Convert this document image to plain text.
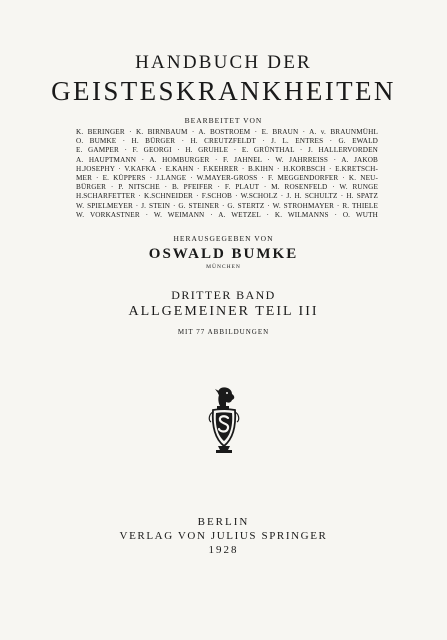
HANDBUCH DER
GEISTESKRANKHEITEN
BEARBEITET VON
K. BERINGER · K. BIRNBAUM · A. BOSTROEM · E. BRAUN · A. v. BRAUNMÜHL
O. BUMKE · H. BÜRGER · H. CREUTZFELDT · J. L. ENTRES · G. EWALD
E. GAMPER · F. GEORGI · H. GRUHLE · E. GRÜNTHAL · J. HALLERVORDEN
A. HAUPTMANN · A. HOMBURGER · F. JAHNEL · W. JAHRREISS · A. JAKOB
H.JOSEPHY · V.KAFKA · E.KAHN · F.KEHRER · B.KIHN · H.KORBSCH · E.KRETSCH-
MER · E. KÜPPERS · J.LANGE · W.MAYER-GROSS · F. MEGGENDORFER · K. NEU-
BÜRGER · P. NITSCHE · B. PFEIFER · F. PLAUT · M. ROSENFELD · W. RUNGE
H.SCHARFETTER · K.SCHNEIDER · F.SCHOB · W.SCHOLZ · J. H. SCHULTZ · H. SPATZ
W. SPIELMEYER · J. STEIN · G. STEINER · G. STERTZ · W. STROHMAYER · R. THIELE
W. VORKASTNER · W. WEIMANN · A. WETZEL · K. WILMANNS · O. WUTH
HERAUSGEGEBEN VON
OSWALD BUMKE
MÜNCHEN
DRITTER BAND
ALLGEMEINER TEIL III
MIT 77 ABBILDUNGEN
BERLIN
VERLAG VON JULIUS SPRINGER
1928
